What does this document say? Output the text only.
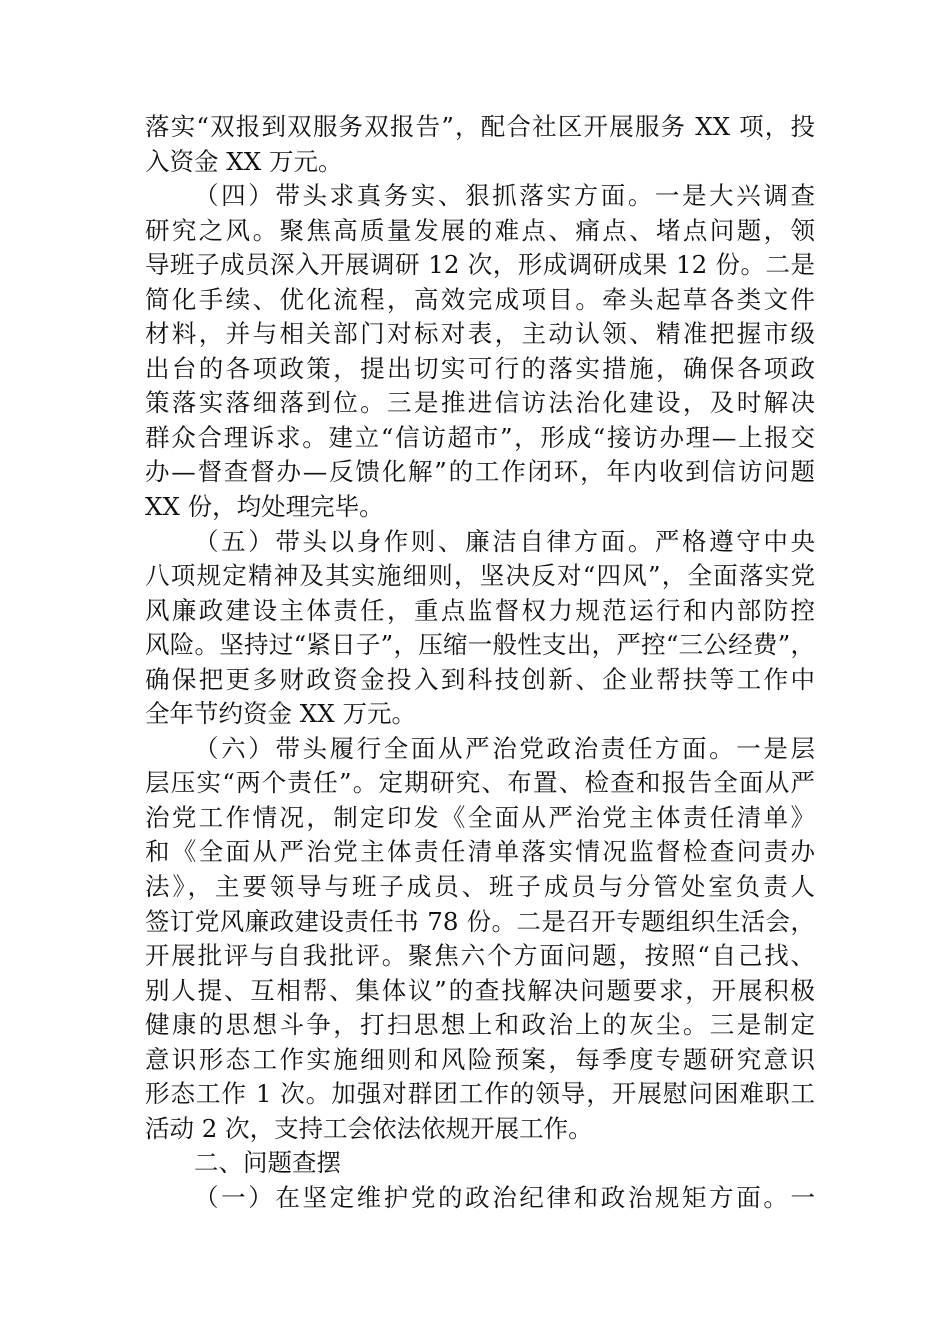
落实“双报到双服务双报告”，配合社区开展服务 XX 项，投
入资金 XX 万元。
（四）带头求真务实、狠抓落实方面。一是大兴调查
研究之风。聚焦高质量发展的难点、痛点、堵点问题，领
导班子成员深入开展调研 12 次，形成调研成果 12 份。二是
简化手续、优化流程，高效完成项目。牵头起草各类文件
材料，并与相关部门对标对表，主动认领、精准把握市级
出台的各项政策，提出切实可行的落实措施，确保各项政
策落实落细落到位。三是推进信访法治化建设，及时解决
群众合理诉求。建立“信访超市”，形成“接访办理—上报交
办—督查督办—反馈化解”的工作闭环，年内收到信访问题
XX 份，均处理完毕。
（五）带头以身作则、廉洁自律方面。严格遵守中央
八项规定精神及其实施细则，坚决反对“四风”，全面落实党
风廉政建设主体责任，重点监督权力规范运行和内部防控
风险。坚持过“紧日子”，压缩一般性支出，严控“三公经费”，
确保把更多财政资金投入到科技创新、企业帮扶等工作中
全年节约资金 XX 万元。
（六）带头履行全面从严治党政治责任方面。一是层
层压实“两个责任”。定期研究、布置、检查和报告全面从严
治党工作情况，制定印发《全面从严治党主体责任清单》
和《全面从严治党主体责任清单落实情况监督检查问责办
法》，主要领导与班子成员、班子成员与分管处室负责人
签订党风廉政建设责任书 78 份。二是召开专题组织生活会，
开展批评与自我批评。聚焦六个方面问题，按照“自己找、
别人提、互相帮、集体议”的查找解决问题要求，开展积极
健康的思想斗争，打扫思想上和政治上的灰尘。三是制定
意识形态工作实施细则和风险预案，每季度专题研究意识
形态工作 1 次。加强对群团工作的领导，开展慰问困难职工
活动 2 次，支持工会依法依规开展工作。
二、问题查摆
（一）在坚定维护党的政治纪律和政治规矩方面。一
